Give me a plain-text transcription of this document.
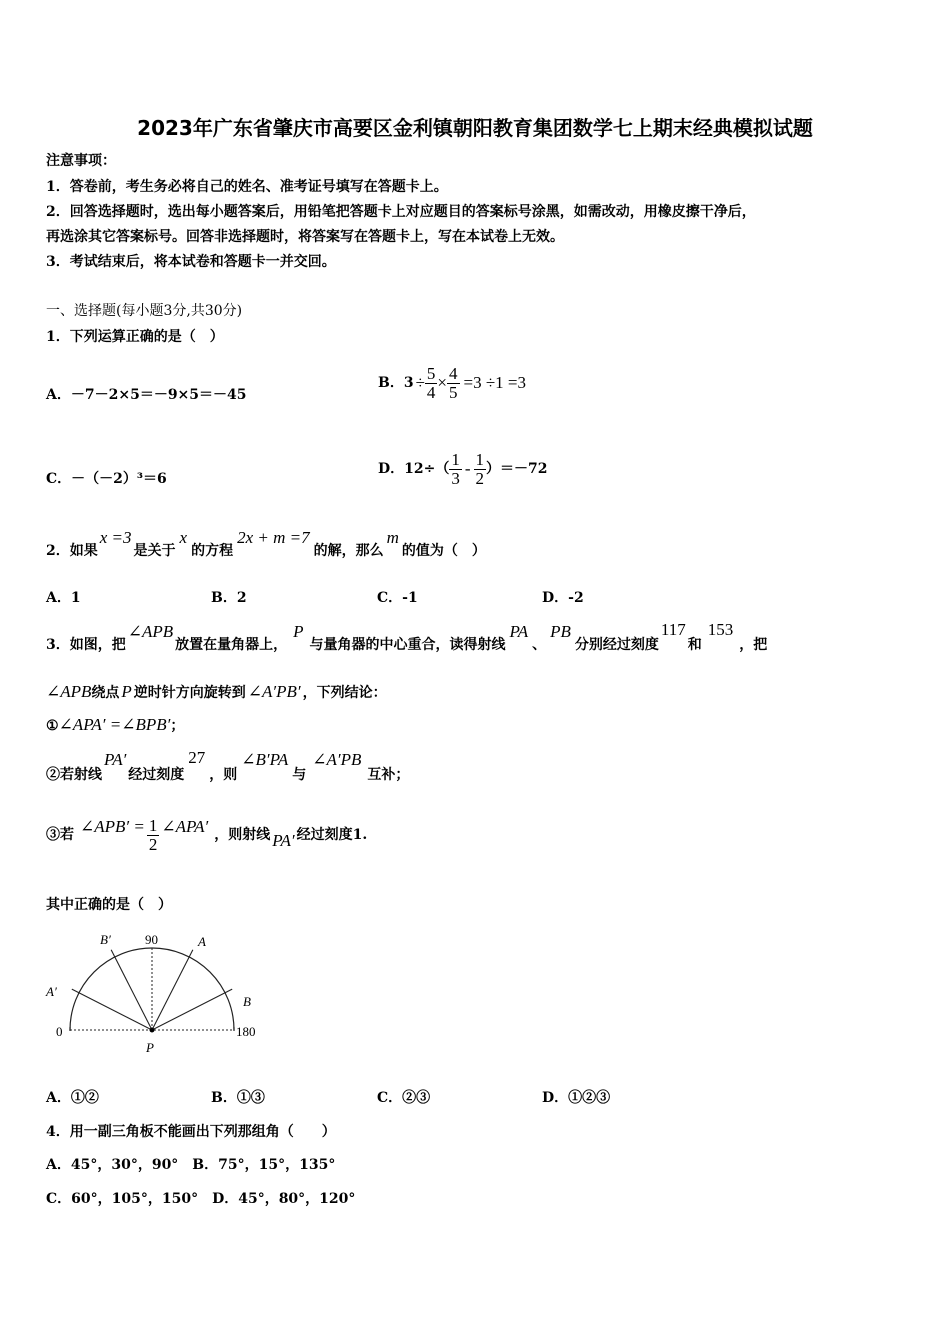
2023年广东省肇庆市高要区金利镇朝阳教育集团数学七上期末经典模拟试题
注意事项：
1．答卷前，考生务必将自己的姓名、准考证号填写在答题卡上。
2．回答选择题时，选出每小题答案后，用铅笔把答题卡上对应题目的答案标号涂黑，如需改动，用橡皮擦干净后，
再选涂其它答案标号。回答非选择题时，将答案写在答题卡上，写在本试卷上无效。
3．考试结束后，将本试卷和答题卡一并交回。
一、选择题(每小题3分,共30分)
1．下列运算正确的是（　）
A．－7－2×5＝－9×5＝－45
B．$3 \div \frac{5}{4} \times \frac{4}{5} =3 \div 1 =3$
C．－（－2）³＝6
D．$12\div( \frac{1}{3} - \frac{1}{2} )=-72$
2．如果x =3是关于x的方程2x + m =7的解，那么m的值为（　）
A．1	B．2	C．-1	D．-2
3．如图，把∠APB放置在量角器上，P与量角器的中心重合，读得射线PA、PB分别经过刻度117和153，把
∠APB绕点 P 逆时针方向旋转到 ∠A′PB′ ，下列结论：
①∠APA′ =∠BPB′；
②若射线PA′经过刻度27，则∠B′PA与∠A′PB互补；
③若 ∠APB′ = $\frac{1}{2}$ ∠APA′ ，则射线 PA′ 经过刻度1.
其中正确的是（　）
B′	90	A
A′
B
0	180
P
A．①②	B．①③	C．②③	D．①②③
4．用一副三角板不能画出下列那组角（　　）
A．45°，30°，90°　B．75°，15°，135°
C．60°，105°，150°　D．45°，80°，120°
